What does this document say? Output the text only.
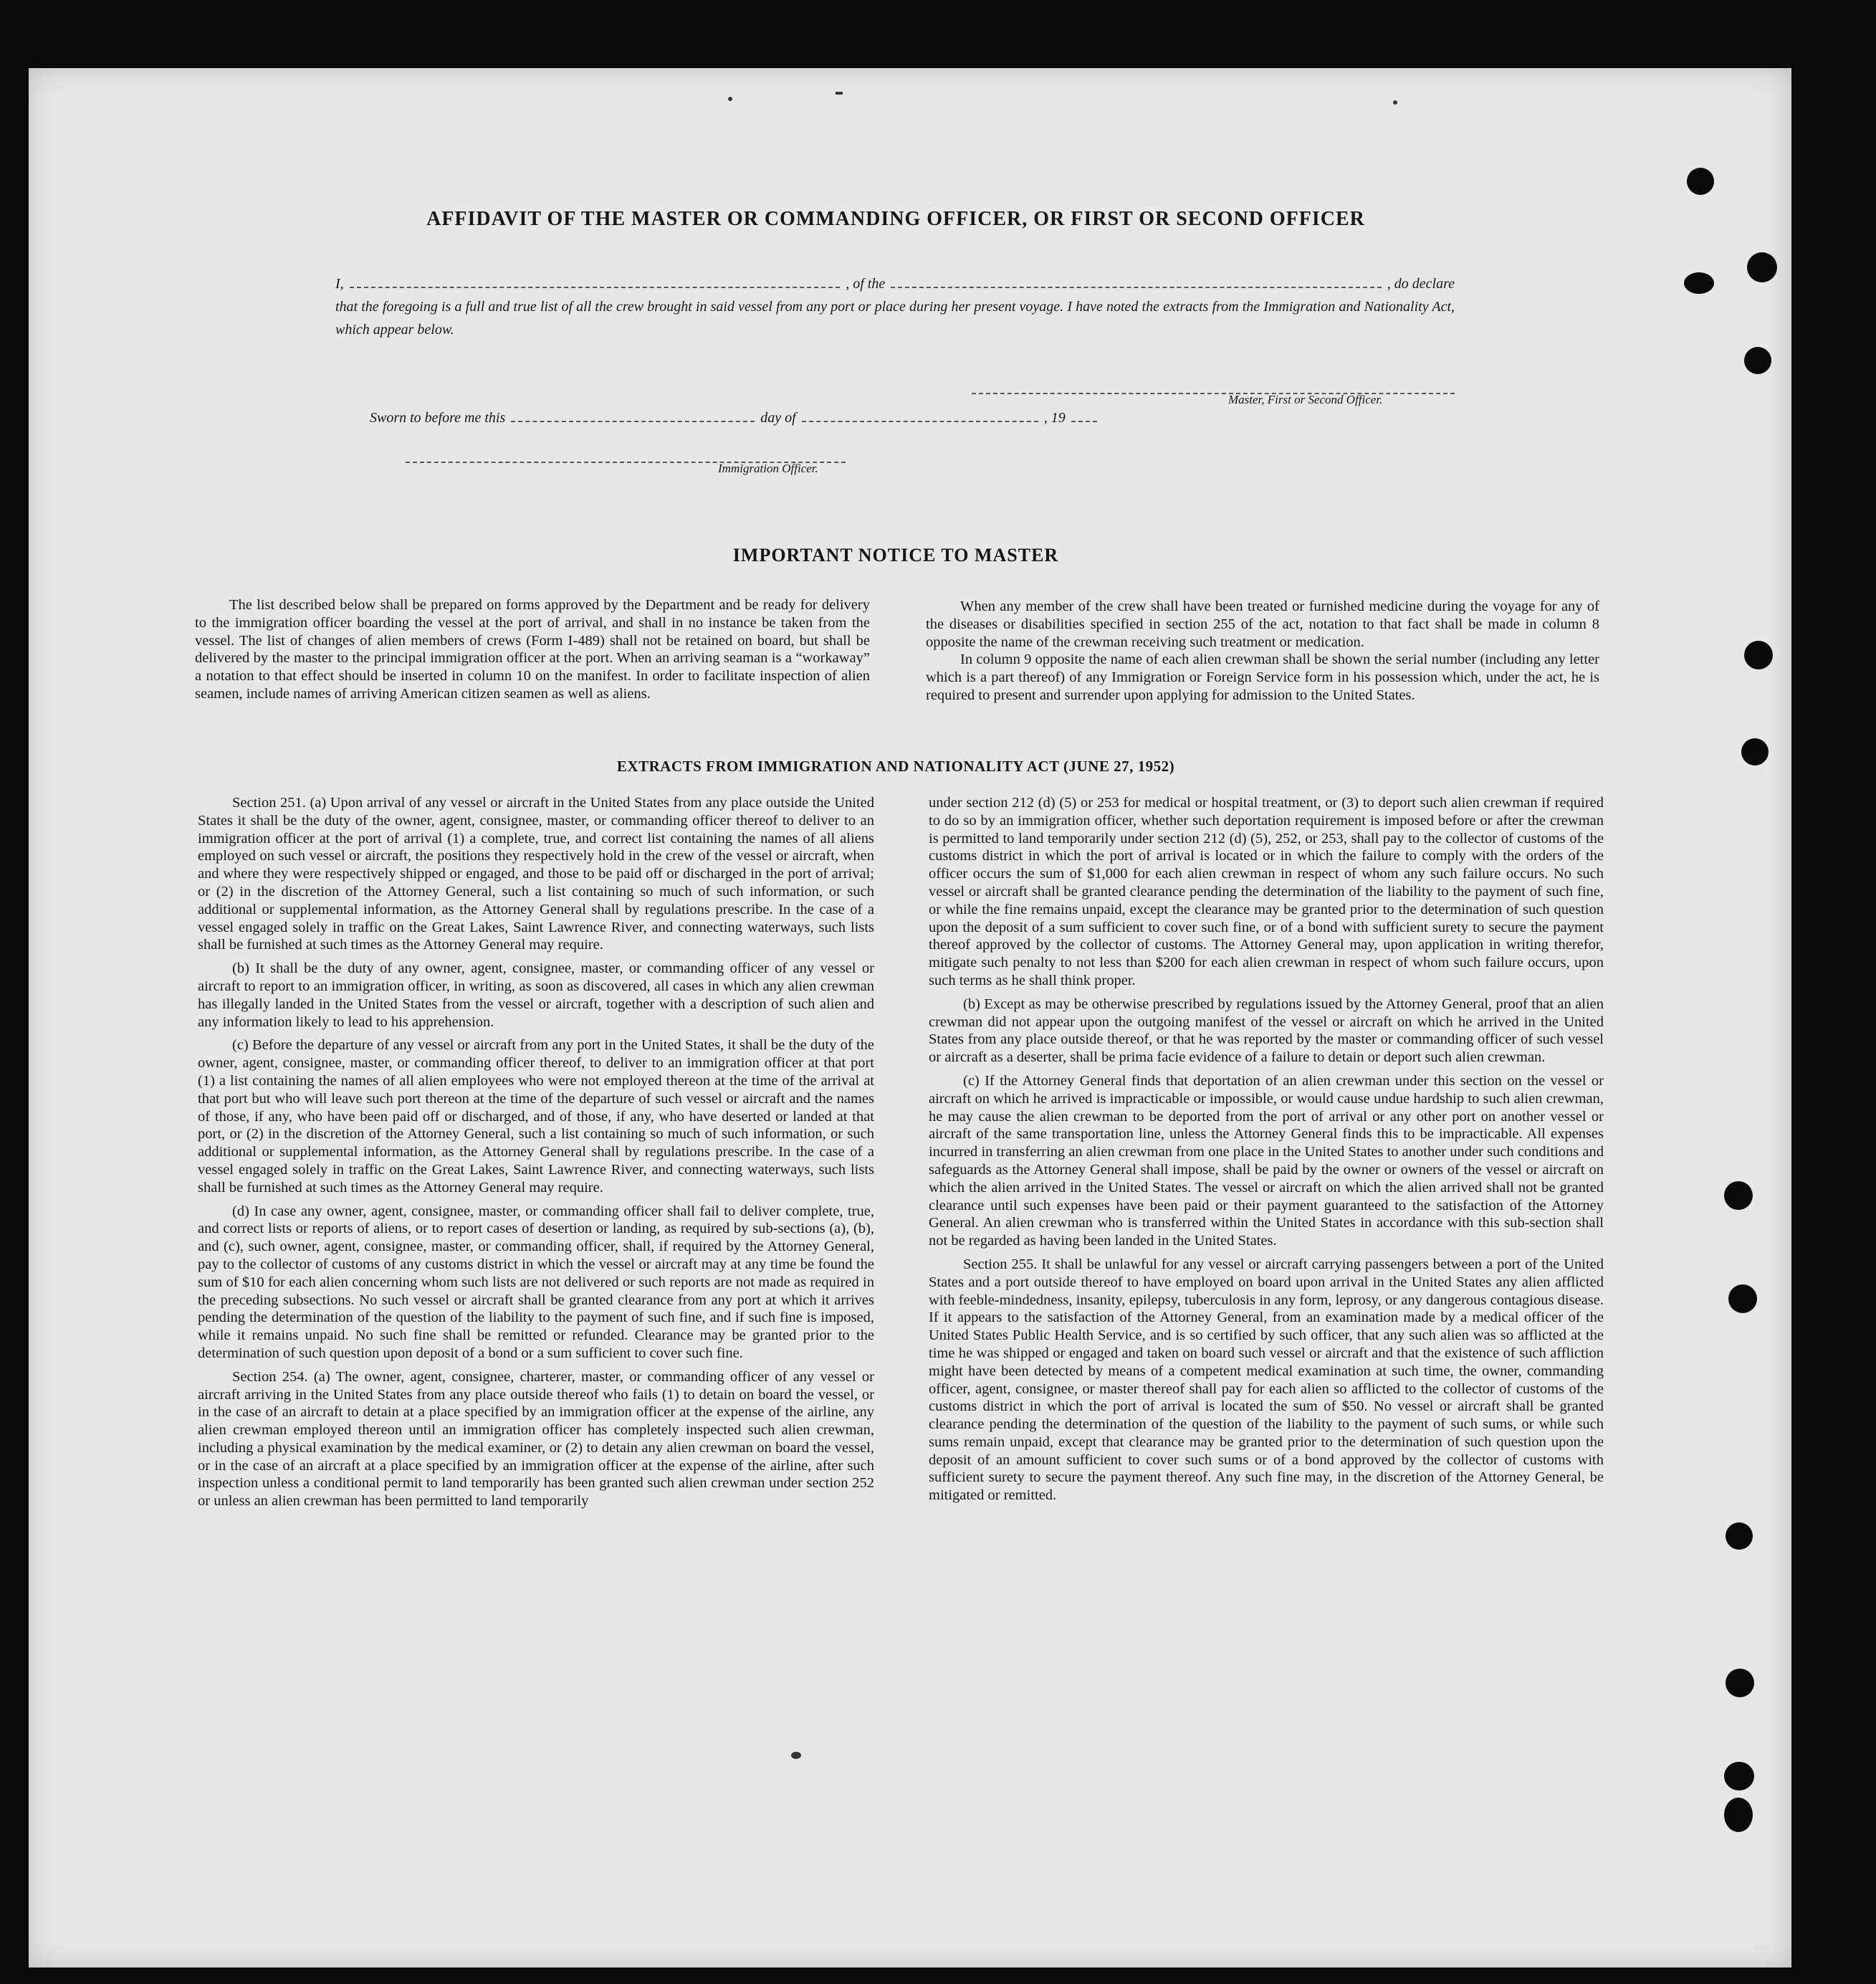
AFFIDAVIT OF THE MASTER OR COMMANDING OFFICER, OR FIRST OR SECOND OFFICER
I,	, of the	, do declare
that the foregoing is a full and true list of all the crew brought in said vessel from any port or place during her present voyage. I have noted the extracts from the Immigration and Nationality Act, which appear below.
Master, First or Second Officer.
Sworn to before me this	day of	, 19
Immigration Officer.
IMPORTANT NOTICE TO MASTER

The list described below shall be prepared on forms approved by the Department and be ready for delivery to the immigration officer boarding the vessel at the port of arrival, and shall in no instance be taken from the vessel. The list of changes of alien members of crews (Form I-489) shall not be retained on board, but shall be delivered by the master to the principal immigration officer at the port. When an arriving seaman is a “workaway” a notation to that effect should be inserted in column 10 on the manifest. In order to facilitate inspection of alien seamen, include names of arriving American citizen seamen as well as aliens.

When any member of the crew shall have been treated or furnished medicine during the voyage for any of the diseases or disabilities specified in section 255 of the act, notation to that fact shall be made in column 8 opposite the name of the crewman receiving such treatment or medication.

In column 9 opposite the name of each alien crewman shall be shown the serial number (including any letter which is a part thereof) of any Immigration or Foreign Service form in his possession which, under the act, he is required to present and surrender upon applying for admission to the United States.

EXTRACTS FROM IMMIGRATION AND NATIONALITY ACT (JUNE 27, 1952)

Section 251. (a) Upon arrival of any vessel or aircraft in the United States from any place outside the United States it shall be the duty of the owner, agent, consignee, master, or commanding officer thereof to deliver to an immigration officer at the port of arrival (1) a complete, true, and correct list containing the names of all aliens employed on such vessel or aircraft, the positions they respectively hold in the crew of the vessel or aircraft, when and where they were respectively shipped or engaged, and those to be paid off or discharged in the port of arrival; or (2) in the discretion of the Attorney General, such a list containing so much of such information, or such additional or supplemental information, as the Attorney General shall by regulations prescribe. In the case of a vessel engaged solely in traffic on the Great Lakes, Saint Lawrence River, and connecting waterways, such lists shall be furnished at such times as the Attorney General may require.

(b) It shall be the duty of any owner, agent, consignee, master, or commanding officer of any vessel or aircraft to report to an immigration officer, in writing, as soon as discovered, all cases in which any alien crewman has illegally landed in the United States from the vessel or aircraft, together with a description of such alien and any information likely to lead to his apprehension.

(c) Before the departure of any vessel or aircraft from any port in the United States, it shall be the duty of the owner, agent, consignee, master, or commanding officer thereof, to deliver to an immigration officer at that port (1) a list containing the names of all alien employees who were not employed thereon at the time of the arrival at that port but who will leave such port thereon at the time of the departure of such vessel or aircraft and the names of those, if any, who have been paid off or discharged, and of those, if any, who have deserted or landed at that port, or (2) in the discretion of the Attorney General, such a list containing so much of such information, or such additional or supplemental information, as the Attorney General shall by regulations prescribe. In the case of a vessel engaged solely in traffic on the Great Lakes, Saint Lawrence River, and connecting waterways, such lists shall be furnished at such times as the Attorney General may require.

(d) In case any owner, agent, consignee, master, or commanding officer shall fail to deliver complete, true, and correct lists or reports of aliens, or to report cases of desertion or landing, as required by sub-sections (a), (b), and (c), such owner, agent, consignee, master, or commanding officer, shall, if required by the Attorney General, pay to the collector of customs of any customs district in which the vessel or aircraft may at any time be found the sum of $10 for each alien concerning whom such lists are not delivered or such reports are not made as required in the preceding subsections. No such vessel or aircraft shall be granted clearance from any port at which it arrives pending the determination of the question of the liability to the payment of such fine, and if such fine is imposed, while it remains unpaid. No such fine shall be remitted or refunded. Clearance may be granted prior to the determination of such question upon deposit of a bond or a sum sufficient to cover such fine.

Section 254. (a) The owner, agent, consignee, charterer, master, or commanding officer of any vessel or aircraft arriving in the United States from any place outside thereof who fails (1) to detain on board the vessel, or in the case of an aircraft to detain at a place specified by an immigration officer at the expense of the airline, any alien crewman employed thereon until an immigration officer has completely inspected such alien crewman, including a physical examination by the medical examiner, or (2) to detain any alien crewman on board the vessel, or in the case of an aircraft at a place specified by an immigration officer at the expense of the airline, after such inspection unless a conditional permit to land temporarily has been granted such alien crewman under section 252 or unless an alien crewman has been permitted to land temporarily

under section 212 (d) (5) or 253 for medical or hospital treatment, or (3) to deport such alien crewman if required to do so by an immigration officer, whether such deportation requirement is imposed before or after the crewman is permitted to land temporarily under section 212 (d) (5), 252, or 253, shall pay to the collector of customs of the customs district in which the port of arrival is located or in which the failure to comply with the orders of the officer occurs the sum of $1,000 for each alien crewman in respect of whom any such failure occurs. No such vessel or aircraft shall be granted clearance pending the determination of the liability to the payment of such fine, or while the fine remains unpaid, except the clearance may be granted prior to the determination of such question upon the deposit of a sum sufficient to cover such fine, or of a bond with sufficient surety to secure the payment thereof approved by the collector of customs. The Attorney General may, upon application in writing therefor, mitigate such penalty to not less than $200 for each alien crewman in respect of whom such failure occurs, upon such terms as he shall think proper.

(b) Except as may be otherwise prescribed by regulations issued by the Attorney General, proof that an alien crewman did not appear upon the outgoing manifest of the vessel or aircraft on which he arrived in the United States from any place outside thereof, or that he was reported by the master or commanding officer of such vessel or aircraft as a deserter, shall be prima facie evidence of a failure to detain or deport such alien crewman.

(c) If the Attorney General finds that deportation of an alien crewman under this section on the vessel or aircraft on which he arrived is impracticable or impossible, or would cause undue hardship to such alien crewman, he may cause the alien crewman to be deported from the port of arrival or any other port on another vessel or aircraft of the same transportation line, unless the Attorney General finds this to be impracticable. All expenses incurred in transferring an alien crewman from one place in the United States to another under such conditions and safeguards as the Attorney General shall impose, shall be paid by the owner or owners of the vessel or aircraft on which the alien arrived in the United States. The vessel or aircraft on which the alien arrived shall not be granted clearance until such expenses have been paid or their payment guaranteed to the satisfaction of the Attorney General. An alien crewman who is transferred within the United States in accordance with this sub-section shall not be regarded as having been landed in the United States.

Section 255. It shall be unlawful for any vessel or aircraft carrying passengers between a port of the United States and a port outside thereof to have employed on board upon arrival in the United States any alien afflicted with feeble-mindedness, insanity, epilepsy, tuberculosis in any form, leprosy, or any dangerous contagious disease. If it appears to the satisfaction of the Attorney General, from an examination made by a medical officer of the United States Public Health Service, and is so certified by such officer, that any such alien was so afflicted at the time he was shipped or engaged and taken on board such vessel or aircraft and that the existence of such affliction might have been detected by means of a competent medical examination at such time, the owner, commanding officer, agent, consignee, or master thereof shall pay for each alien so afflicted to the collector of customs of the customs district in which the port of arrival is located the sum of $50. No vessel or aircraft shall be granted clearance pending the determination of the question of the liability to the payment of such sums, or while such sums remain unpaid, except that clearance may be granted prior to the determination of such question upon the deposit of an amount sufficient to cover such sums or of a bond approved by the collector of customs with sufficient surety to secure the payment thereof. Any such fine may, in the discretion of the Attorney General, be mitigated or remitted.
